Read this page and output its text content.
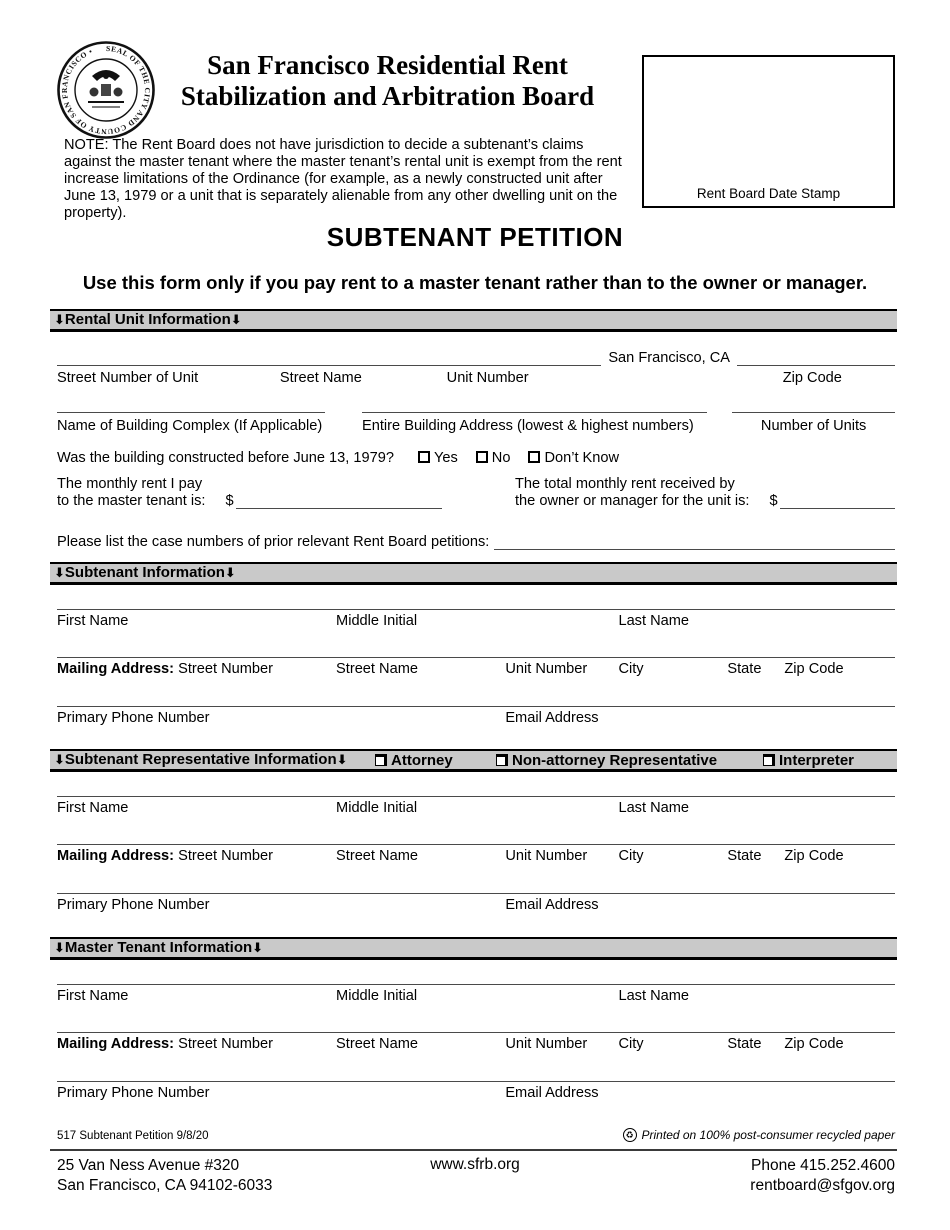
SEAL OF THE CITY AND COUNTY OF SAN FRANCISCO •	San Francisco Residential Rent
Stabilization and Arbitration Board
NOTE: The Rent Board does not have jurisdiction to decide a subtenant’s claims against the master tenant where the master tenant’s rental unit is exempt from the rent increase limitations of the Ordinance (for example, as a newly constructed unit after June 13, 1979 or a unit that is separately alienable from any other dwelling unit on the property).
Rent Board Date Stamp
SUBTENANT PETITION
Use this form only if you pay rent to a master tenant rather than to the owner or manager.
⬇Rental Unit Information⬇
San Francisco, CA
Street Number of Unit	Street Name	Unit Number	Zip Code
Name of Building Complex (If Applicable)	Entire Building Address (lowest & highest numbers)	Number of Units
Was the building constructed before June 13, 1979?	Yes No Don’t Know
The monthly rent I pay
to the master tenant is: $
The total monthly rent received by
the owner or manager for the unit is: $
Please list the case numbers of prior relevant Rent Board petitions:
⬇Subtenant Information⬇
First Name	Middle Initial	Last Name
Mailing Address: Street Number	Street Name	Unit Number City	State Zip Code
Primary Phone Number	Email Address
⬇Subtenant Representative Information⬇	Attorney	Non-attorney Representative	Interpreter
First Name	Middle Initial	Last Name
Mailing Address: Street Number	Street Name	Unit Number City	State Zip Code
Primary Phone Number	Email Address
⬇Master Tenant Information⬇
First Name	Middle Initial	Last Name
Mailing Address: Street Number	Street Name	Unit Number City	State Zip Code
Primary Phone Number	Email Address
517 Subtenant Petition 9/8/20	♻ Printed on 100% post-consumer recycled paper
25 Van Ness Avenue #320
San Francisco, CA 94102-6033
www.sfrb.org	Phone 415.252.4600
rentboard@sfgov.org
